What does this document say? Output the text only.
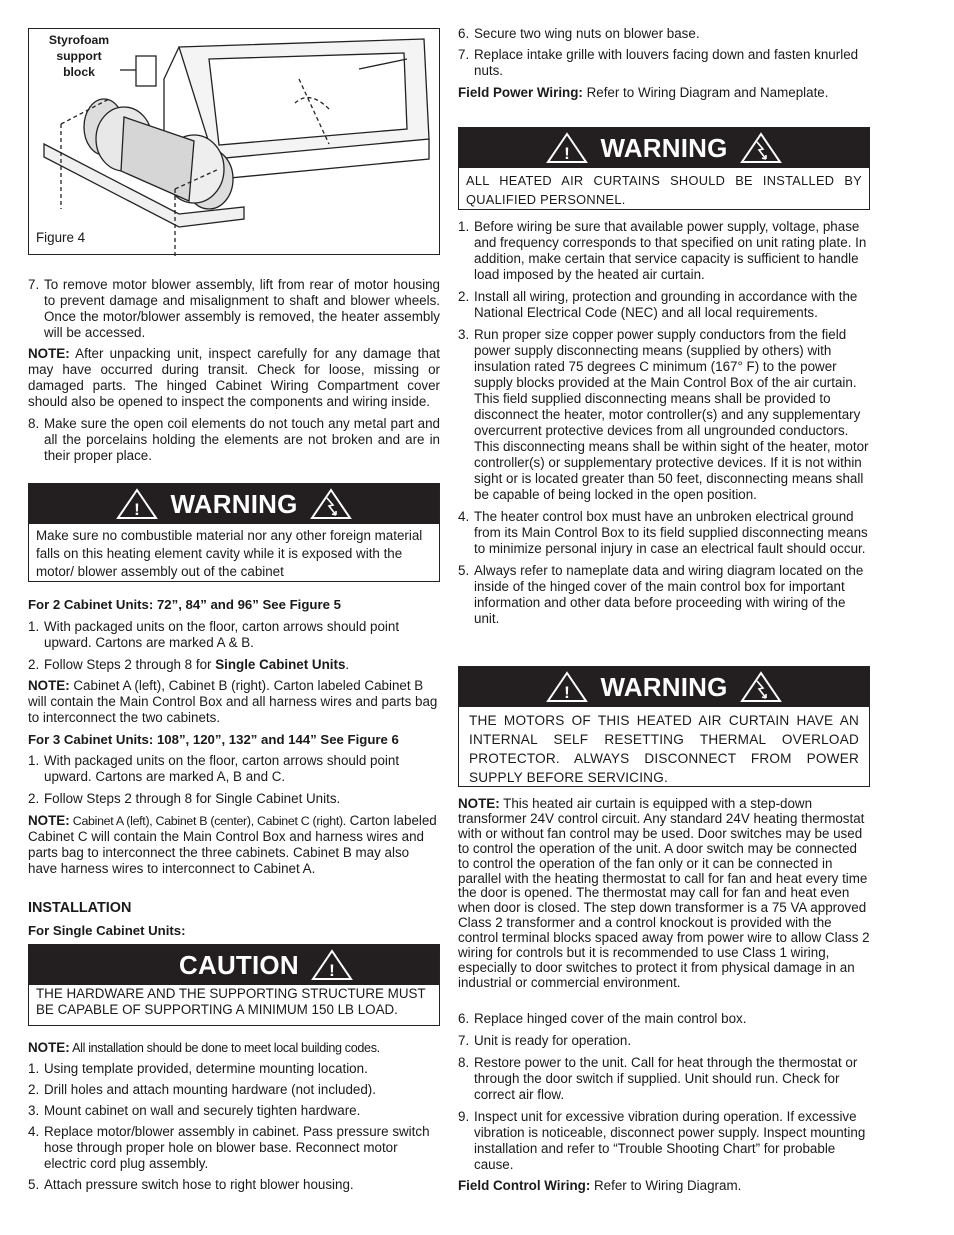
Styrofoam
support
block
Figure 4
7. To remove motor blower assembly, lift from rear of motor housing to prevent damage and misalignment to shaft and blower wheels. Once the motor/blower assembly is removed, the heater assembly will be accessed.

NOTE: After unpacking unit, inspect carefully for any damage that may have occurred during transit. Check for loose, missing or damaged parts. The hinged Cabinet Wiring Compartment cover should also be opened to inspect the components and wiring inside.

8. Make sure the open coil elements do not touch any metal part and all the porcelains holding the elements are not broken and are in their proper place.
! WARNING
Make sure no combustible material nor any other foreign material falls on this heating element cavity while it is exposed with the motor/ blower assembly out of the cabinet

For 2 Cabinet Units: 72”, 84” and 96” See Figure 5

1. With packaged units on the floor, carton arrows should point upward. Cartons are marked A & B.
2. Follow Steps 2 through 8 for Single Cabinet Units.

NOTE: Cabinet A (left), Cabinet B (right). Carton labeled Cabinet B will contain the Main Control Box and all harness wires and parts bag to interconnect the two cabinets.

For 3 Cabinet Units: 108”, 120”, 132” and 144” See Figure 6

1. With packaged units on the floor, carton arrows should point upward. Cartons are marked A, B and C.
2. Follow Steps 2 through 8 for Single Cabinet Units.

NOTE: Cabinet A (left), Cabinet B (center), Cabinet C (right). Carton labeled Cabinet C will contain the Main Control Box and harness wires and parts bag to interconnect the three cabinets. Cabinet B may also have harness wires to interconnect to Cabinet A.

INSTALLATION

For Single Cabinet Units:

CAUTION !
THE HARDWARE AND THE SUPPORTING STRUCTURE MUST BE CAPABLE OF SUPPORTING A MINIMUM 150 LB LOAD.

NOTE: All installation should be done to meet local building codes.

1. Using template provided, determine mounting location.
2. Drill holes and attach mounting hardware (not included).
3. Mount cabinet on wall and securely tighten hardware.
4. Replace motor/blower assembly in cabinet. Pass pressure switch hose through proper hole on blower base. Reconnect motor electric cord plug assembly.
5. Attach pressure switch hose to right blower housing.
6. Secure two wing nuts on blower base.
7. Replace intake grille with louvers facing down and fasten knurled nuts.

Field Power Wiring: Refer to Wiring Diagram and Nameplate.

! WARNING
ALL HEATED AIR CURTAINS SHOULD BE INSTALLED BY QUALIFIED PERSONNEL.
1. Before wiring be sure that available power supply, voltage, phase and frequency corresponds to that specified on unit rating plate. In addition, make certain that service capacity is sufficient to handle load imposed by the heated air curtain.
2. Install all wiring, protection and grounding in accordance with the National Electrical Code (NEC) and all local requirements.
3. Run proper size copper power supply conductors from the field power supply disconnecting means (supplied by others) with insulation rated 75 degrees C minimum (167° F) to the power supply blocks provided at the Main Control Box of the air curtain. This field supplied disconnecting means shall be provided to disconnect the heater, motor controller(s) and any supplementary overcurrent protective devices from all ungrounded conductors. This disconnecting means shall be within sight of the heater, motor controller(s) or supplementary protective devices. If it is not within sight or is located greater than 50 feet, disconnecting means shall be capable of being locked in the open position.
4. The heater control box must have an unbroken electrical ground from its Main Control Box to its field supplied disconnecting means to minimize personal injury in case an electrical fault should occur.
5. Always refer to nameplate data and wiring diagram located on the inside of the hinged cover of the main control box for important information and other data before proceeding with wiring of the unit.
! WARNING
THE MOTORS OF THIS HEATED AIR CURTAIN HAVE AN INTERNAL SELF RESETTING THERMAL OVERLOAD PROTECTOR. ALWAYS DISCONNECT FROM POWER SUPPLY BEFORE SERVICING.

NOTE: This heated air curtain is equipped with a step-down transformer 24V control circuit. Any standard 24V heating thermostat with or without fan control may be used. Door switches may be used to control the operation of the unit. A door switch may be connected to control the operation of the fan only or it can be connected in parallel with the heating thermostat to call for fan and heat every time the door is opened. The thermostat may call for fan and heat even when door is closed. The step down transformer is a 75 VA approved Class 2 transformer and a control knockout is provided with the control terminal blocks spaced away from power wire to allow Class 2 wiring for controls but it is recommended to use Class 1 wiring, especially to door switches to protect it from physical damage in an industrial or commercial environment.

6. Replace hinged cover of the main control box.
7. Unit is ready for operation.
8. Restore power to the unit. Call for heat through the thermostat or through the door switch if supplied. Unit should run. Check for correct air flow.
9. Inspect unit for excessive vibration during operation. If excessive vibration is noticeable, disconnect power supply. Inspect mounting installation and refer to “Trouble Shooting Chart” for probable cause.

Field Control Wiring: Refer to Wiring Diagram.
